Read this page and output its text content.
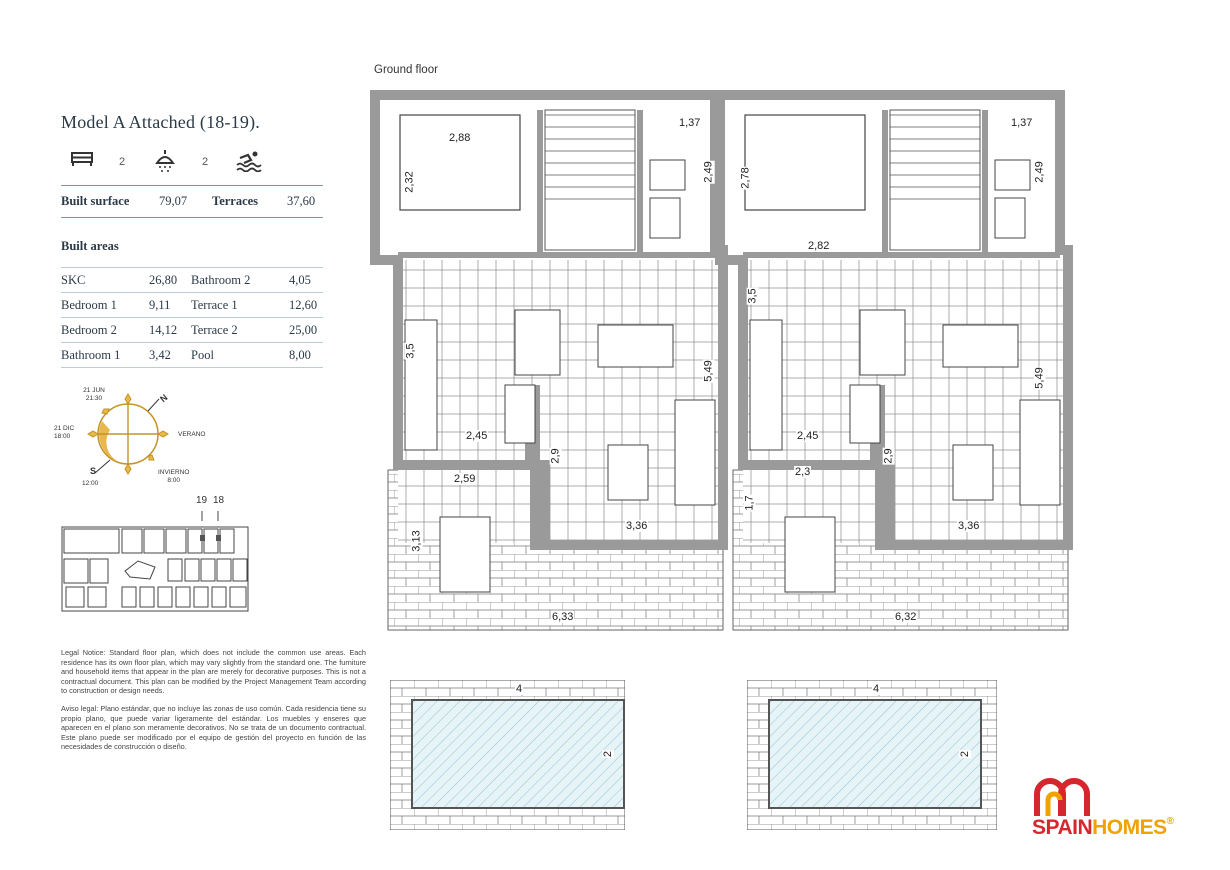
Model A Attached (18-19).
2	2
Built surface 79,07 Terraces 37,60
Built areas
SKC	26,80 Bathroom 2	4,05
Bedroom 1	9,11 Terrace 1	12,60
Bedroom 2	14,12 Terrace 2	25,00
Bathroom 1 3,42 Pool	8,00
21 JUN
21:30
21 DIC
18:00	VERANO
INVIERNO
8:00
S
12:00
N
19 18
Legal Notice: Standard floor plan, which does not include the common use areas. Each residence has its own floor plan, which may vary slightly from the standard one. The furniture and household items that appear in the plan are merely for decorative purposes. This is not a contractual document. This plan can be modified by the Project Management Team according to construction or design needs.
Aviso legal: Plano estándar, que no incluye las zonas de uso común. Cada residencia tiene su propio plano, que puede variar ligeramente del estándar. Los muebles y enseres que aparecen en el plano son meramente decorativos. No se trata de un documento contractual. Este plano puede ser modificado por el equipo de gestión del proyecto en función de las necesidades de construcción o diseño.
Ground floor
2,88
2,32
1,37
2,49
3,5
5,49
2,45
2,59
2,9
3,36
3,13
6,33
2,78
2,82
1,37
2,49
3,5
5,49
2,45
2,3
2,9
3,36
1,7
6,32
4
2
4
2
SPAINHOMES®
